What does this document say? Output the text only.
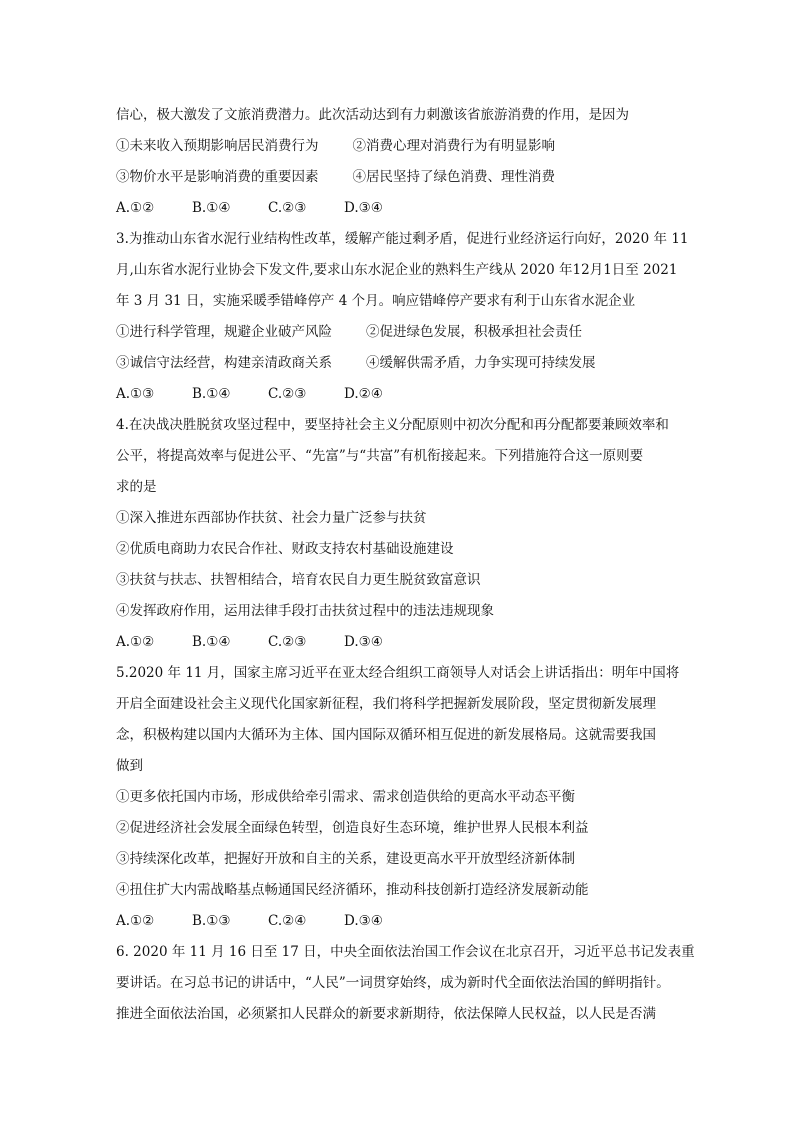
信心，极大激发了文旅消费潜力。此次活动达到有力刺激该省旅游消费的作用，是因为
①未来收入预期影响居民消费行为	②消费心理对消费行为有明显影响
③物价水平是影响消费的重要因素	④居民坚持了绿色消费、理性消费
A.①②	B.①④	C.②③	D.③④
3.为推动山东省水泥行业结构性改革，缓解产能过剩矛盾，促进行业经济运行向好，2020 年 11
月,山东省水泥行业协会下发文件,要求山东水泥企业的熟料生产线从 2020 年12月1日至 2021
年 3 月 31 日，实施采暖季错峰停产 4 个月。响应错峰停产要求有利于山东省水泥企业
①进行科学管理，规避企业破产风险	②促进绿色发展，积极承担社会责任
③诚信守法经营，构建亲清政商关系	④缓解供需矛盾，力争实现可持续发展
A.①③	B.①④	C.②③	D.②④
4.在决战决胜脱贫攻坚过程中，要坚持社会主义分配原则中初次分配和再分配都要兼顾效率和
公平，将提高效率与促进公平、“先富”与“共富”有机衔接起来。下列措施符合这一原则要
求的是
①深入推进东西部协作扶贫、社会力量广泛参与扶贫
②优质电商助力农民合作社、财政支持农村基础设施建设
③扶贫与扶志、扶智相结合，培育农民自力更生脱贫致富意识
④发挥政府作用，运用法律手段打击扶贫过程中的违法违规现象
A.①②	B.①④	C.②③	D.③④
5.2020 年 11 月，国家主席习近平在亚太经合组织工商领导人对话会上讲话指出：明年中国将
开启全面建设社会主义现代化国家新征程，我们将科学把握新发展阶段，坚定贯彻新发展理
念，积极构建以国内大循环为主体、国内国际双循环相互促进的新发展格局。这就需要我国
做到
①更多依托国内市场，形成供给牵引需求、需求创造供给的更高水平动态平衡
②促进经济社会发展全面绿色转型，创造良好生态环境，维护世界人民根本利益
③持续深化改革，把握好开放和自主的关系，建设更高水平开放型经济新体制
④扭住扩大内需战略基点畅通国民经济循环，推动科技创新打造经济发展新动能
A.①②	B.①③	C.②④	D.③④
6. 2020 年 11 月 16 日至 17 日，中央全面依法治国工作会议在北京召开，习近平总书记发表重
要讲话。在习总书记的讲话中，“人民”一词贯穿始终，成为新时代全面依法治国的鲜明指针。
推进全面依法治国，必须紧扣人民群众的新要求新期待，依法保障人民权益，以人民是否满
